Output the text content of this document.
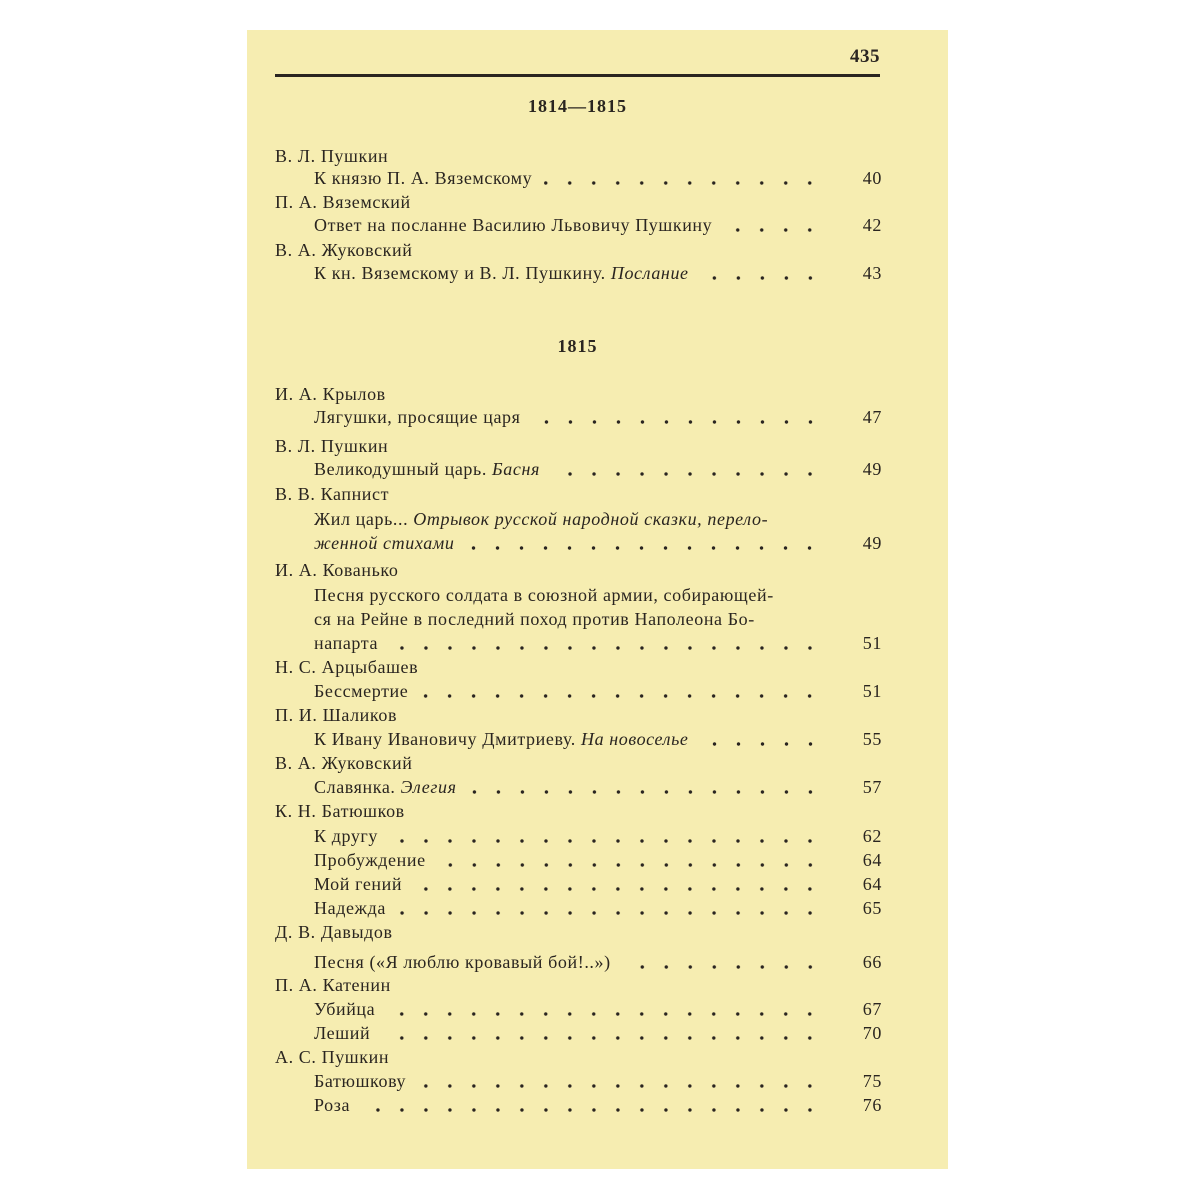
435
1814—1815
В. Л. Пушкин
К князю П. А. Вяземскому	40
П. А. Вяземский
Ответ на посланне Василию Львовичу Пушкину	42
В. А. Жуковский
К кн. Вяземскому и В. Л. Пушкину. Послание	43
1815
И. А. Крылов
Лягушки, просящие царя	47
В. Л. Пушкин
Великодушный царь. Басня	49
В. В. Капнист
Жил царь... Отрывок русской народной сказки, перело-
женной стихами	49
И. А. Кованько
Песня русского солдата в союзной армии, собирающей-
ся на Рейне в последний поход против Наполеона Бо-
напарта	51
Н. С. Арцыбашев
Бессмертие	51
П. И. Шаликов
К Ивану Ивановичу Дмитриеву. На новоселье	55
В. А. Жуковский
Славянка. Элегия	57
К. Н. Батюшков
К другу	62
Пробуждение	64
Мой гений	64
Надежда	65
Д. В. Давыдов
Песня («Я люблю кровавый бой!..»)	66
П. А. Катенин
Убийца	67
Леший	70
А. С. Пушкин
Батюшкову	75
Роза	76
